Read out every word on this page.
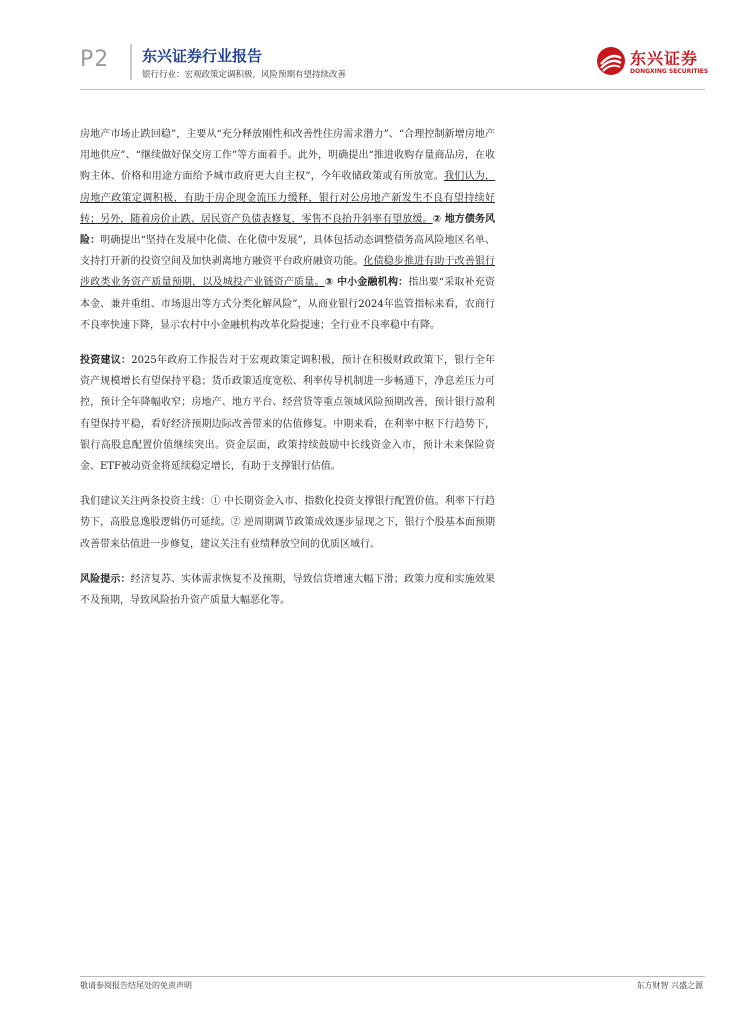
P2 东兴证券行业报告
银行行业：宏观政策定调积极，风险预期有望持续改善
东兴证券
DONGXING SECURITIES

房地产市场止跌回稳”，主要从“充分释放刚性和改善性住房需求潜力”、“合理控制新增房地产用地供应”、“继续做好保交房工作”等方面着手。此外，明确提出“推进收购存量商品房，在收购主体、价格和用途方面给予城市政府更大自主权”，今年收储政策或有所放宽。我们认为，房地产政策定调积极，有助于房企现金流压力缓释，银行对公房地产新发生不良有望持续好转；另外，随着房价止跌、居民资产负债表修复，零售不良抬升斜率有望放缓。② 地方债务风险：明确提出“坚持在发展中化债、在化债中发展”，具体包括动态调整债务高风险地区名单、支持打开新的投资空间及加快剥离地方融资平台政府融资功能。化债稳步推进有助于改善银行涉政类业务资产质量预期，以及城投产业链资产质量。③ 中小金融机构：指出要“采取补充资本金、兼并重组、市场退出等方式分类化解风险”，从商业银行2024年监管指标来看，农商行不良率快速下降，显示农村中小金融机构改革化险提速；全行业不良率稳中有降。

投资建议：2025年政府工作报告对于宏观政策定调积极，预计在积极财政政策下，银行全年资产规模增长有望保持平稳；货币政策适度宽松、利率传导机制进一步畅通下，净息差压力可控，预计全年降幅收窄；房地产、地方平台、经营贷等重点领域风险预期改善，预计银行盈利有望保持平稳，看好经济预期边际改善带来的估值修复。中期来看，在利率中枢下行趋势下，银行高股息配置价值继续突出。资金层面，政策持续鼓励中长线资金入市，预计未来保险资金、ETF被动资金将延续稳定增长，有助于支撑银行估值。

我们建议关注两条投资主线：① 中长期资金入市、指数化投资支撑银行配置价值。利率下行趋势下，高股息逸股逻辑仍可延续。② 逆周期调节政策成效逐步显现之下，银行个股基本面预期改善带来估值进一步修复，建议关注有业绩释放空间的优质区域行。

风险提示：经济复苏、实体需求恢复不及预期，导致信贷增速大幅下滑；政策力度和实施效果不及预期，导致风险抬升资产质量大幅恶化等。

敬请参阅报告结尾处的免责声明	东方财智 兴盛之源
